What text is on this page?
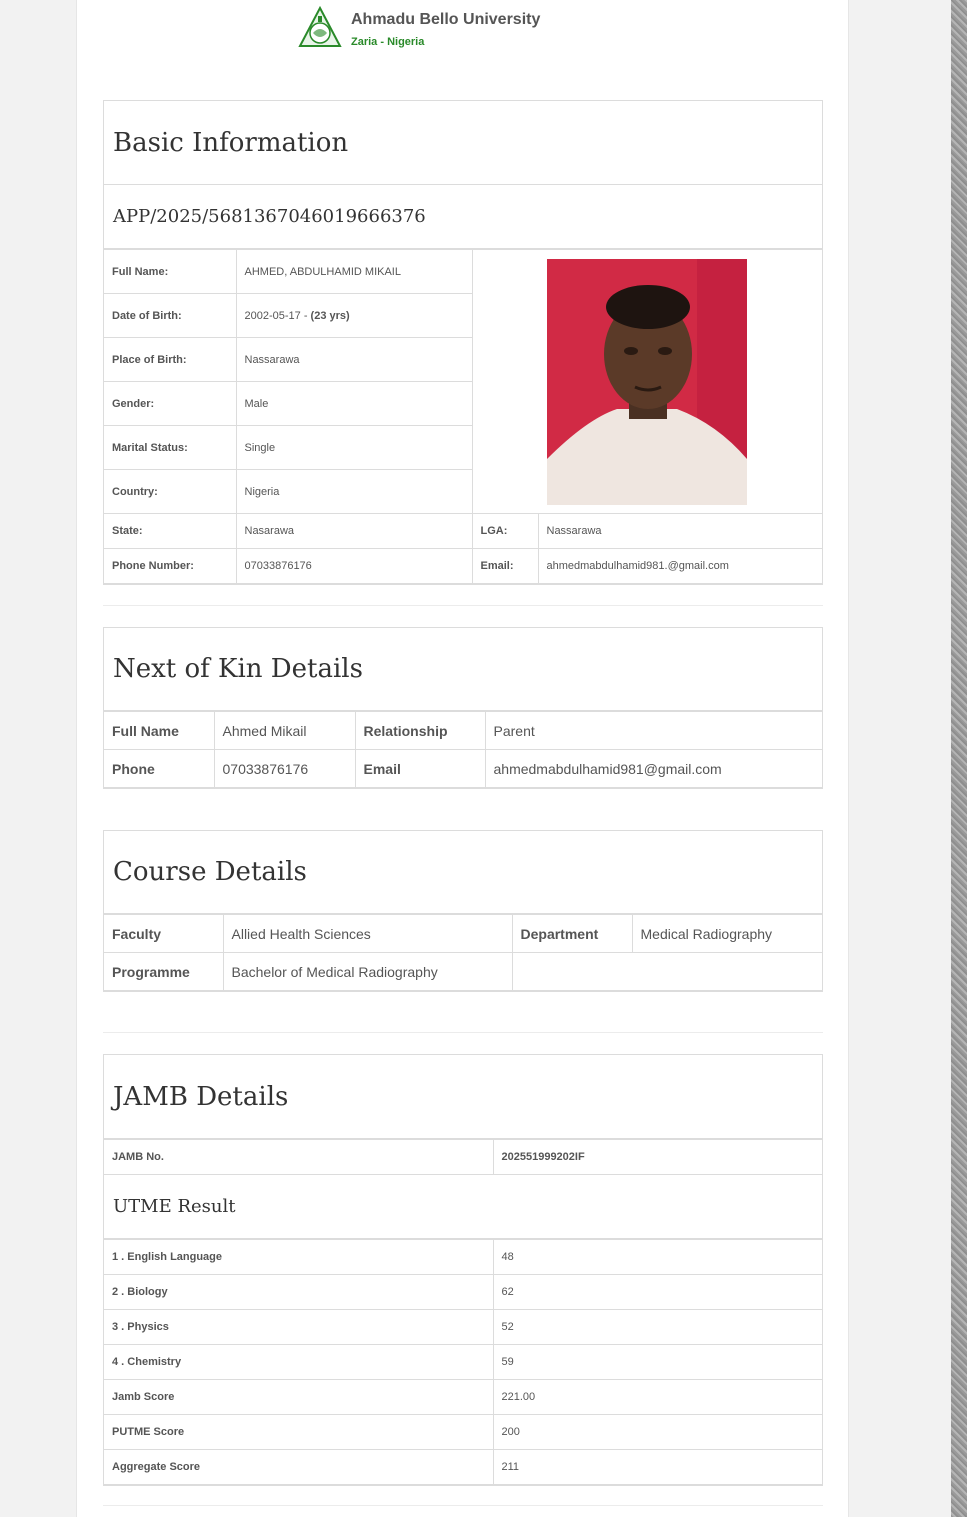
Ahmadu Bello University
Zaria - Nigeria
Basic Information
APP/2025/5681367046019666376
Full Name:	AHMED, ABDULHAMID MIKAIL	
Date of Birth:	2002-05-17 - (23 yrs)		
Place of Birth:	Nassarawa		
Gender:	Male		
Marital Status:	Single		
Country:	Nigeria		
State:	Nasarawa	LGA:	Nassarawa
Phone Number:	07033876176	Email:	ahmedmabdulhamid981.@gmail.com
Next of Kin Details
Full Name	Ahmed Mikail	Relationship	Parent
Phone	07033876176	Email	ahmedmabdulhamid981@gmail.com
Course Details
Faculty	Allied Health Sciences	Department	Medical Radiography
Programme	Bachelor of Medical Radiography		
JAMB Details
JAMB No.	202551999202IF
UTME Result
1 . English Language	48
2 . Biology	62
3 . Physics	52
4 . Chemistry	59
Jamb Score	221.00
PUTME Score	200
Aggregate Score	211
